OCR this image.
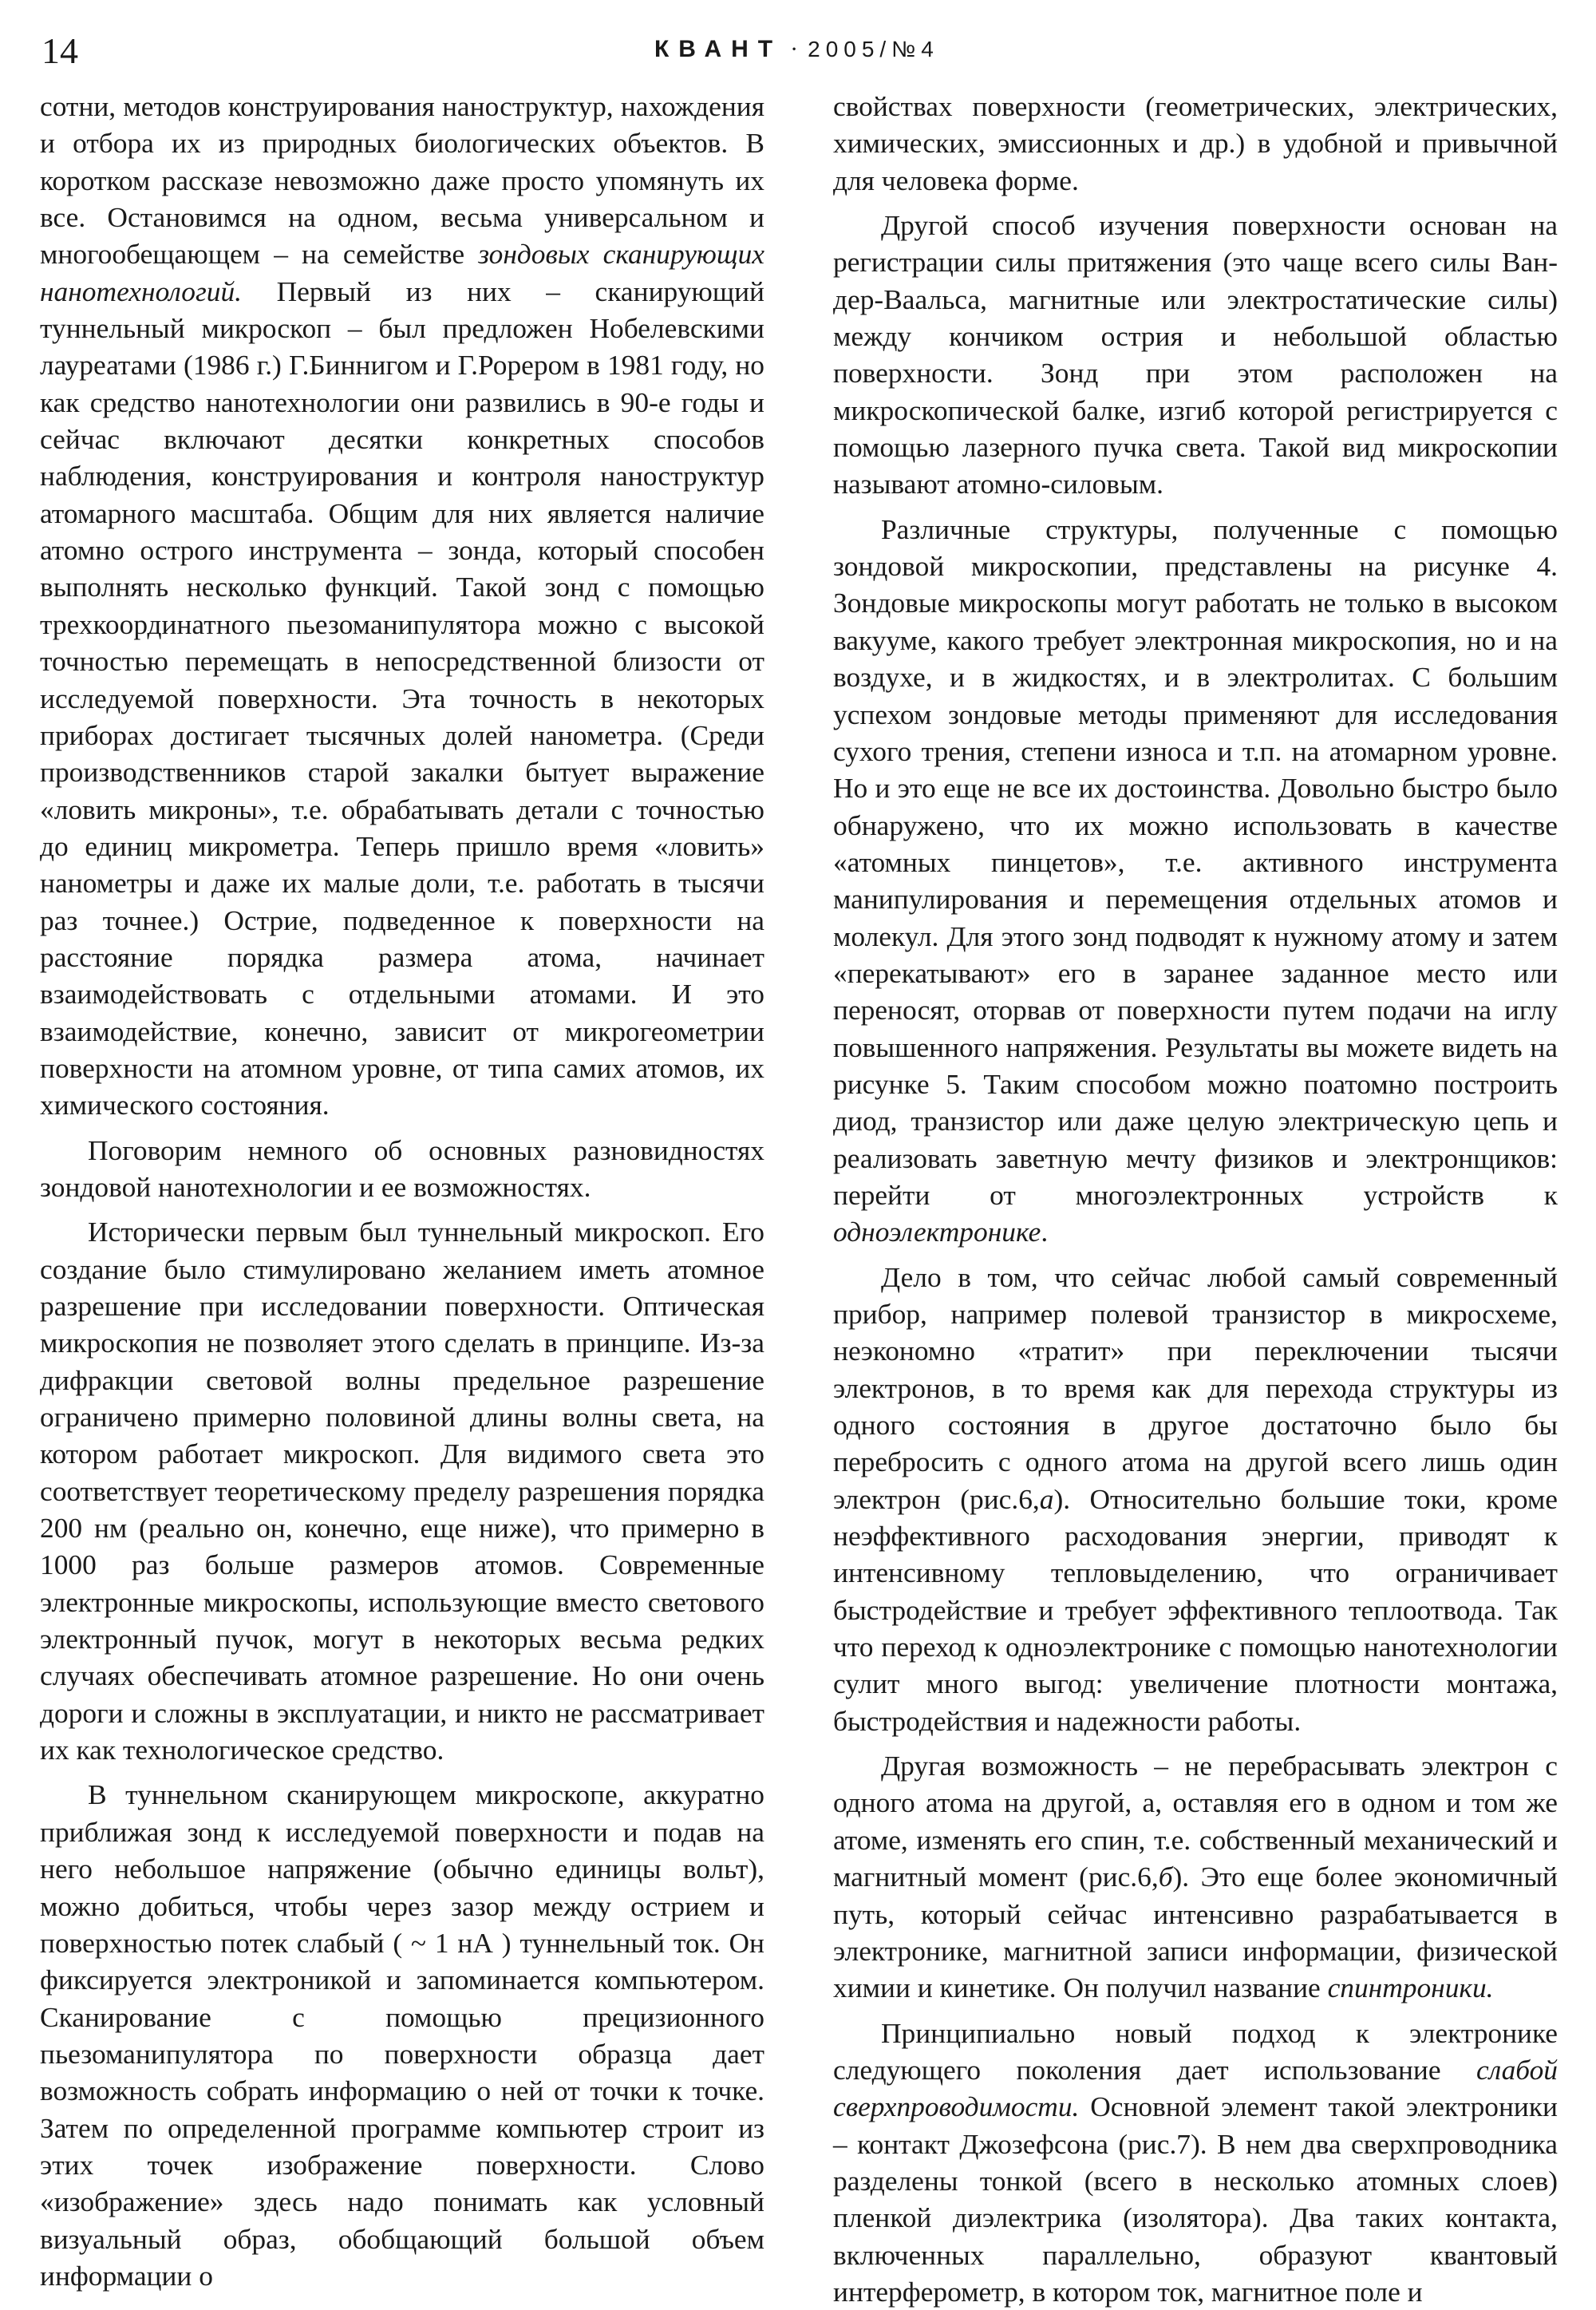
14	КВАНТ · 2005/№4

сотни, методов конструирования наноструктур, нахождения и отбора их из природных биологических объектов. В коротком рассказе невозможно даже просто упомянуть их все. Остановимся на одном, весьма универсальном и многообещающем – на семействе зондовых сканирующих нанотехнологий. Первый из них – сканирующий туннельный микроскоп – был предложен Нобелевскими лауреатами (1986 г.) Г.Биннигом и Г.Рорером в 1981 году, но как средство нанотехнологии они развились в 90-е годы и сейчас включают десятки конкретных способов наблюдения, конструирования и контроля наноструктур атомарного масштаба. Общим для них является наличие атомно острого инструмента – зонда, который способен выполнять несколько функций. Такой зонд с помощью трехкоординатного пьезоманипулятора можно с высокой точностью перемещать в непосредственной близости от исследуемой поверхности. Эта точность в некоторых приборах достигает тысячных долей нанометра. (Среди производственников старой закалки бытует выражение «ловить микроны», т.е. обрабатывать детали с точностью до единиц микрометра. Теперь пришло время «ловить» нанометры и даже их малые доли, т.е. работать в тысячи раз точнее.) Острие, подведенное к поверхности на расстояние порядка размера атома, начинает взаимодействовать с отдельными атомами. И это взаимодействие, конечно, зависит от микрогеометрии поверхности на атомном уровне, от типа самих атомов, их химического состояния.

Поговорим немного об основных разновидностях зондовой нанотехнологии и ее возможностях.

Исторически первым был туннельный микроскоп. Его создание было стимулировано желанием иметь атомное разрешение при исследовании поверхности. Оптическая микроскопия не позволяет этого сделать в принципе. Из-за дифракции световой волны предельное разрешение ограничено примерно половиной длины волны света, на котором работает микроскоп. Для видимого света это соответствует теоретическому пределу разрешения порядка 200 нм (реально он, конечно, еще ниже), что примерно в 1000 раз больше размеров атомов. Современные электронные микроскопы, использующие вместо светового электронный пучок, могут в некоторых весьма редких случаях обеспечивать атомное разрешение. Но они очень дороги и сложны в эксплуатации, и никто не рассматривает их как технологическое средство.

В туннельном сканирующем микроскопе, аккуратно приближая зонд к исследуемой поверхности и подав на него небольшое напряжение (обычно единицы вольт), можно добиться, чтобы через зазор между острием и поверхностью потек слабый ( ~ 1 нА ) туннельный ток. Он фиксируется электроникой и запоминается компьютером. Сканирование с помощью прецизионного пьезоманипулятора по поверхности образца дает возможность собрать информацию о ней от точки к точке. Затем по определенной программе компьютер строит из этих точек изображение поверхности. Слово «изображение» здесь надо понимать как условный визуальный образ, обобщающий большой объем информации о

свойствах поверхности (геометрических, электрических, химических, эмиссионных и др.) в удобной и привычной для человека форме.

Другой способ изучения поверхности основан на регистрации силы притяжения (это чаще всего силы Ван-дер-Ваальса, магнитные или электростатические силы) между кончиком острия и небольшой областью поверхности. Зонд при этом расположен на микроскопической балке, изгиб которой регистрируется с помощью лазерного пучка света. Такой вид микроскопии называют атомно-силовым.

Различные структуры, полученные с помощью зондовой микроскопии, представлены на рисунке 4. Зондовые микроскопы могут работать не только в высоком вакууме, какого требует электронная микроскопия, но и на воздухе, и в жидкостях, и в электролитах. С большим успехом зондовые методы применяют для исследования сухого трения, степени износа и т.п. на атомарном уровне. Но и это еще не все их достоинства. Довольно быстро было обнаружено, что их можно использовать в качестве «атомных пинцетов», т.е. активного инструмента манипулирования и перемещения отдельных атомов и молекул. Для этого зонд подводят к нужному атому и затем «перекатывают» его в заранее заданное место или переносят, оторвав от поверхности путем подачи на иглу повышенного напряжения. Результаты вы можете видеть на рисунке 5. Таким способом можно поатомно построить диод, транзистор или даже целую электрическую цепь и реализовать заветную мечту физиков и электронщиков: перейти от многоэлектронных устройств к одноэлектронике.

Дело в том, что сейчас любой самый современный прибор, например полевой транзистор в микросхеме, неэкономно «тратит» при переключении тысячи электронов, в то время как для перехода структуры из одного состояния в другое достаточно было бы перебросить с одного атома на другой всего лишь один электрон (рис.6,а). Относительно большие токи, кроме неэффективного расходования энергии, приводят к интенсивному тепловыделению, что ограничивает быстродействие и требует эффективного теплоотвода. Так что переход к одноэлектронике с помощью нанотехнологии сулит много выгод: увеличение плотности монтажа, быстродействия и надежности работы.

Другая возможность – не перебрасывать электрон с одного атома на другой, а, оставляя его в одном и том же атоме, изменять его спин, т.е. собственный механический и магнитный момент (рис.6,б). Это еще более экономичный путь, который сейчас интенсивно разрабатывается в электронике, магнитной записи информации, физической химии и кинетике. Он получил название спинтроники.

Принципиально новый подход к электронике следующего поколения дает использование слабой сверхпроводимости. Основной элемент такой электроники – контакт Джозефсона (рис.7). В нем два сверхпроводника разделены тонкой (всего в несколько атомных слоев) пленкой диэлектрика (изолятора). Два таких контакта, включенных параллельно, образуют квантовый интерферометр, в котором ток, магнитное поле и
